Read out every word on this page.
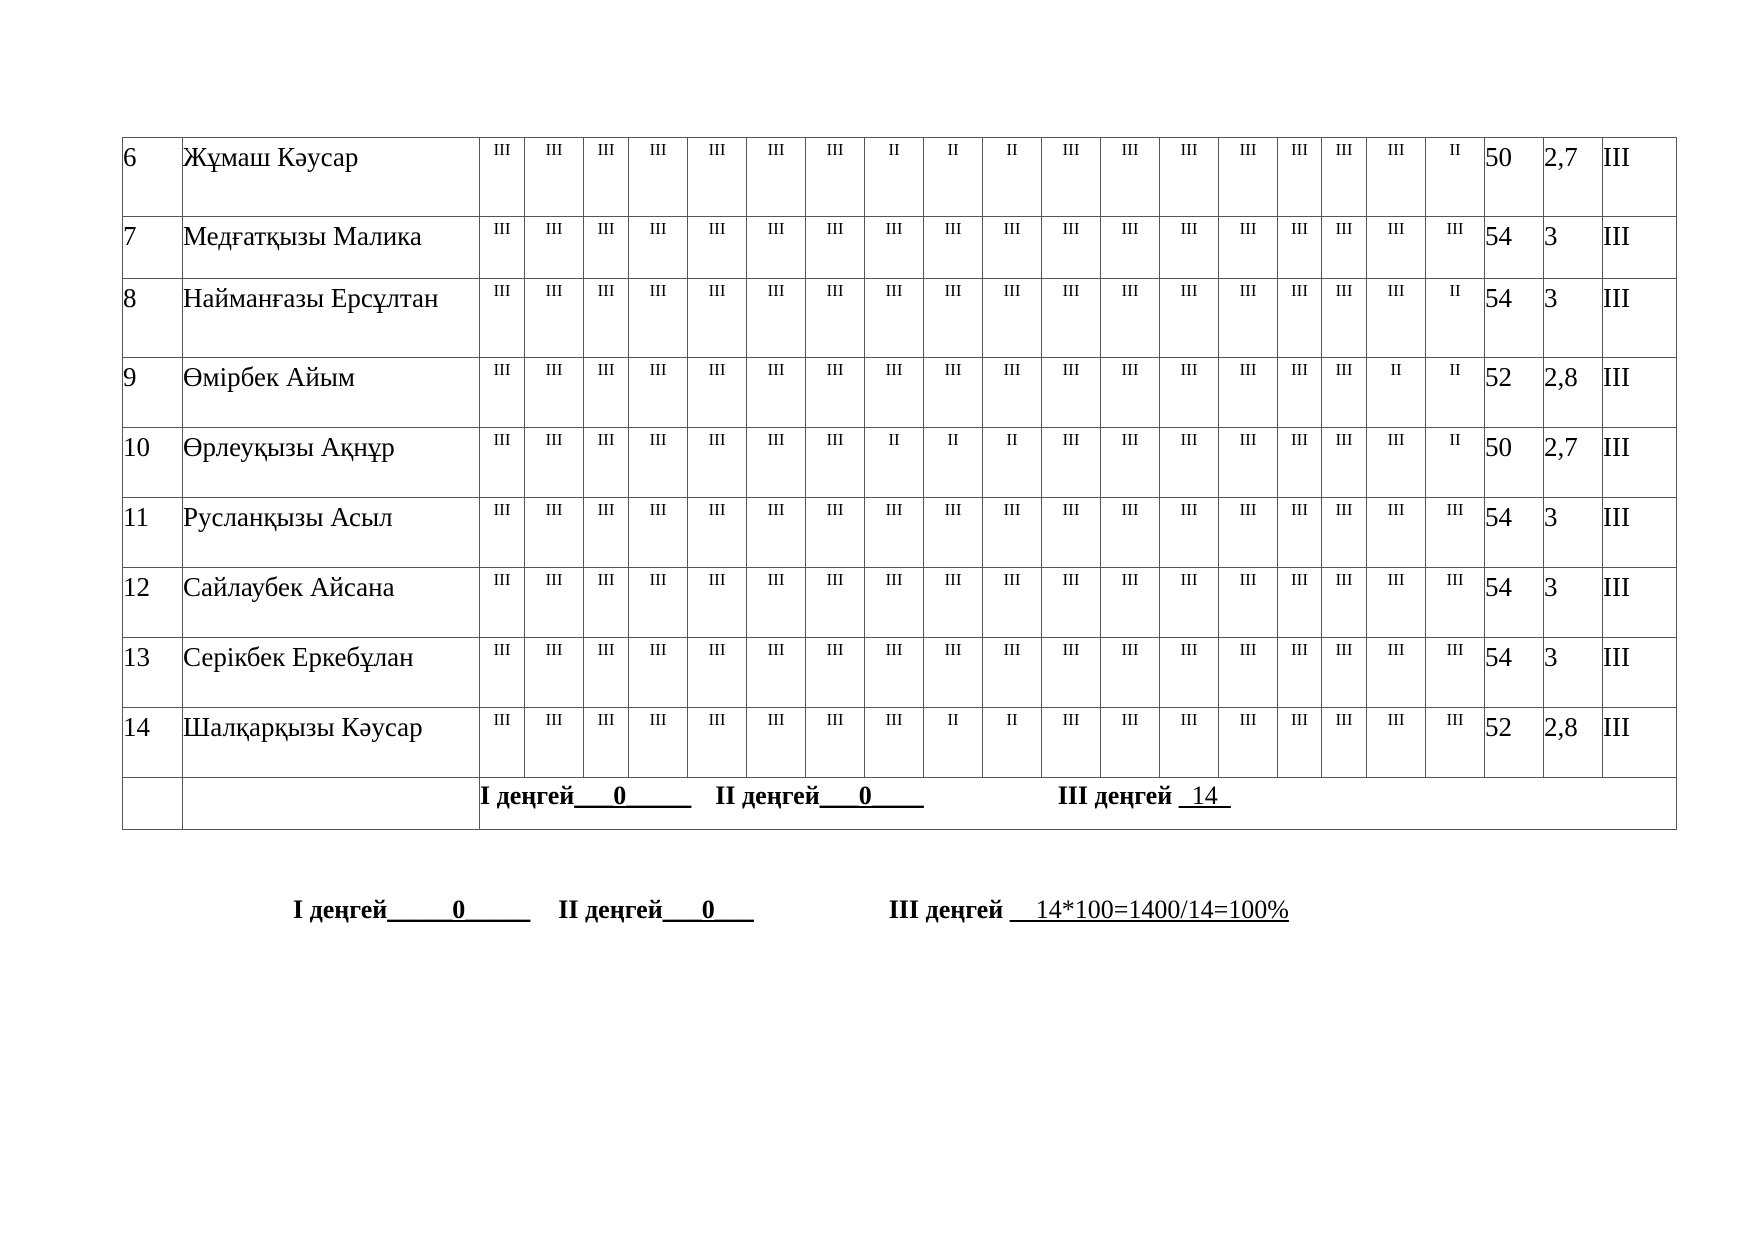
6	Жұмаш Кәусар	III	III	III	III	III	III	III	II	II	II	III	III	III	III	III	III	III	II	50	2,7	III
7	Медғатқызы Малика	III	III	III	III	III	III	III	III	III	III	III	III	III	III	III	III	III	III	54	3	III
8	Найманғазы Ерсұлтан	III	III	III	III	III	III	III	III	III	III	III	III	III	III	III	III	III	II	54	3	III
9	Өмірбек Айым	III	III	III	III	III	III	III	III	III	III	III	III	III	III	III	III	II	II	52	2,8	III
10	Өрлеуқызы Ақнұр	III	III	III	III	III	III	III	II	II	II	III	III	III	III	III	III	III	II	50	2,7	III
11	Русланқызы Асыл	III	III	III	III	III	III	III	III	III	III	III	III	III	III	III	III	III	III	54	3	III
12	Сайлаубек Айсана	III	III	III	III	III	III	III	III	III	III	III	III	III	III	III	III	III	III	54	3	III
13	Серікбек Еркебұлан	III	III	III	III	III	III	III	III	III	III	III	III	III	III	III	III	III	III	54	3	III
14	Шалқарқызы Кәусар	III	III	III	III	III	III	III	III	II	II	III	III	III	III	III	III	III	III	52	2,8	III
		I деңгей___0_____ II деңгей___0____ III деңгей _14_																				
I деңгей_____0_____ II деңгей___0___	III деңгей __14*100=1400/14=100%
